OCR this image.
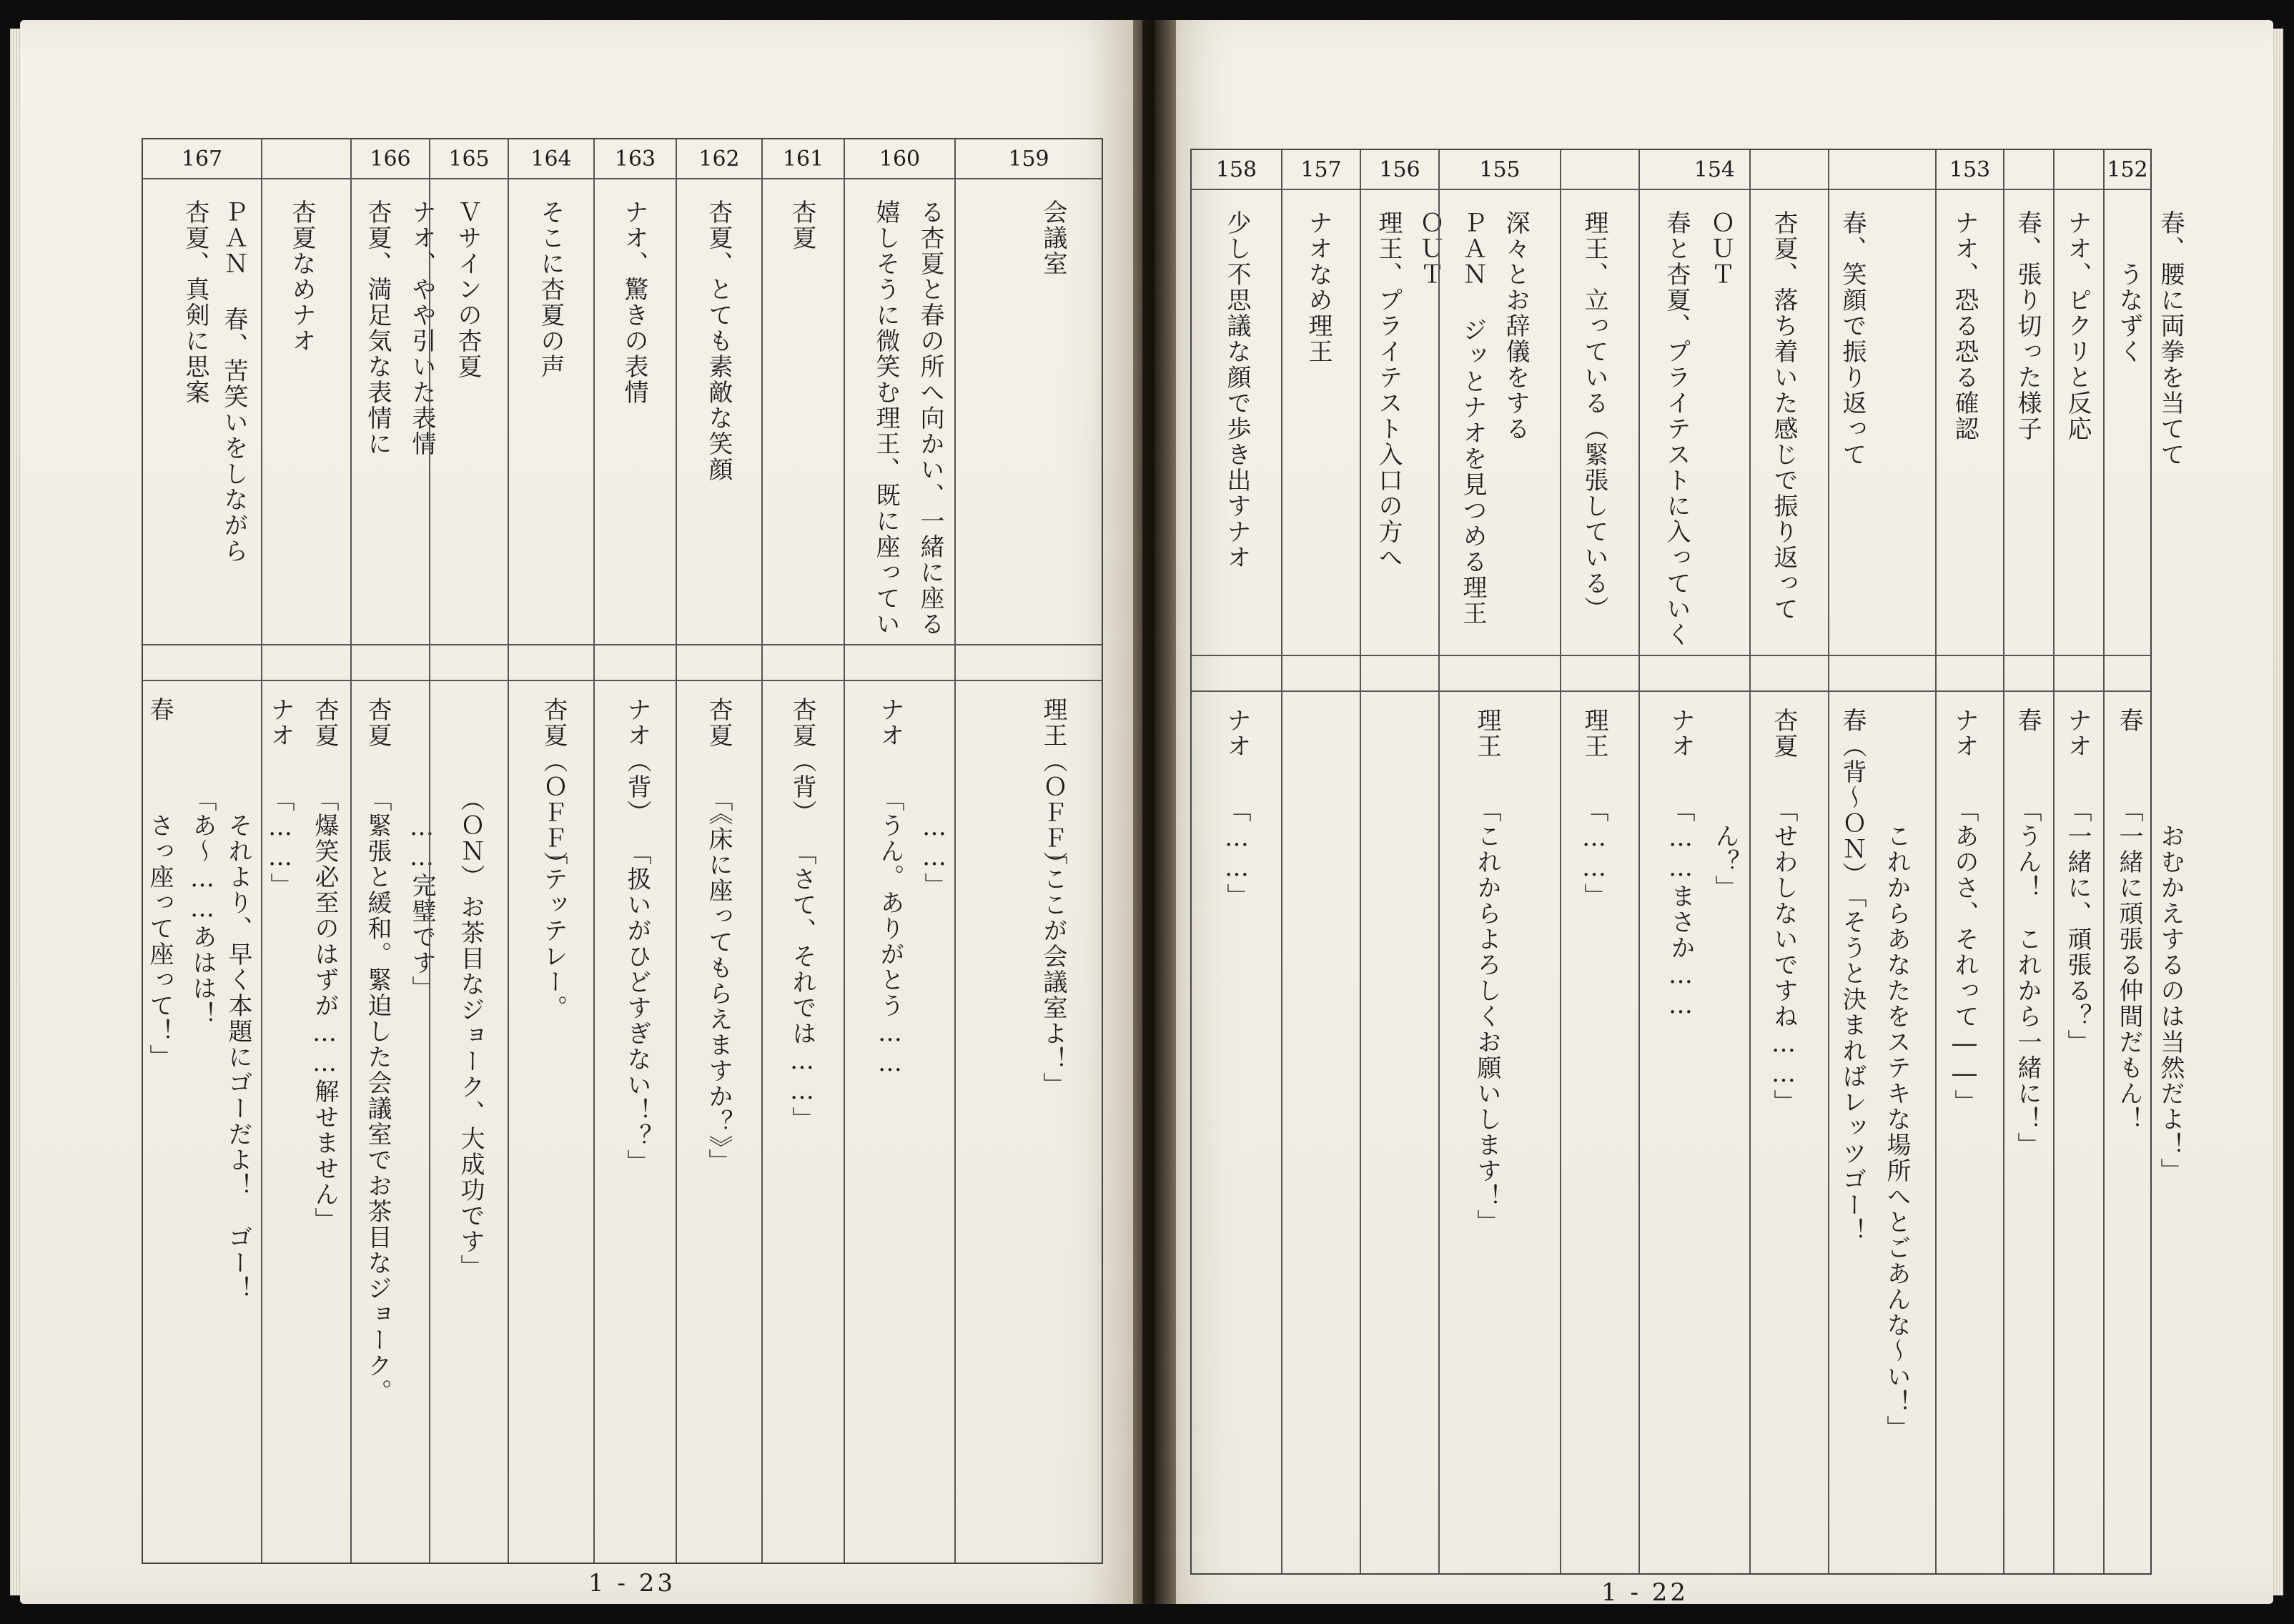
167
ＰＡＮ 春、苦笑いをしながら
杏夏、真剣に思案
春
　さっ座って座って！」 「あ～……あはは！ 　それより、早く本題にゴーだよ！　ゴー！
杏夏なめナオ
ナオ
「……」
杏夏
「爆笑必至のはずが……解せません」
166
杏夏、満足気な表情に ナオ、やや引いた表情
杏夏
「緊張と緩和。緊迫した会議室でお茶目なジョーク。 　……完璧です」
165
Ｖサインの杏夏
（ＯＮ）
お茶目なジョーク、大成功です」
164
そこに杏夏の声
杏夏（ＯＦＦ）
「テッテレー。
163
ナオ、驚きの表情
ナオ（背）
「扱いがひどすぎない！？」
162
杏夏、とても素敵な笑顔
杏夏
「《床に座ってもらえますか？》」
161
杏夏
杏夏（背）
「さて、それでは……」
160
嬉しそうに微笑む理王、既に座ってい る杏夏と春の所へ向かい、一緒に座る
ナオ
「うん。ありがとう…… 　……」
159
会議室
理王（ＯＦＦ）
「ここが会議室よ！」
1 - 23
158
少し不思議な顔で歩き出すナオ
ナオ
「……」
157
ナオなめ理王
156
理王、プライテスト入口の方へ ＯＵＴ
155
ＰＡＮ ジッとナオを見つめる理王 深々とお辞儀をする
理王
「これからよろしくお願いします！」
理王、立っている（緊張している）
理王
「……」
154
春と杏夏、プライテストに入っていく ＯＵＴ
ナオ
「……まさか…… 　ん？」
杏夏、落ち着いた感じで振り返って
杏夏
「せわしないですね……」
春、笑顔で振り返って
春（背～ＯＮ）
「そうと決まればレッツゴー！ 　これからあなたをステキな場所へとごあんな～い！」
153
ナオ、恐る恐る確認
ナオ
「あのさ、それって――」
春、張り切った様子
春
「うん！　これから一緒に！」
ナオ、ピクリと反応
ナオ
「一緒に、頑張る？」
152
春、腰に両拳を当てて
うなずく
春
「一緒に頑張る仲間だもん！ 　おむかえするのは当然だよ！」
1 - 22
